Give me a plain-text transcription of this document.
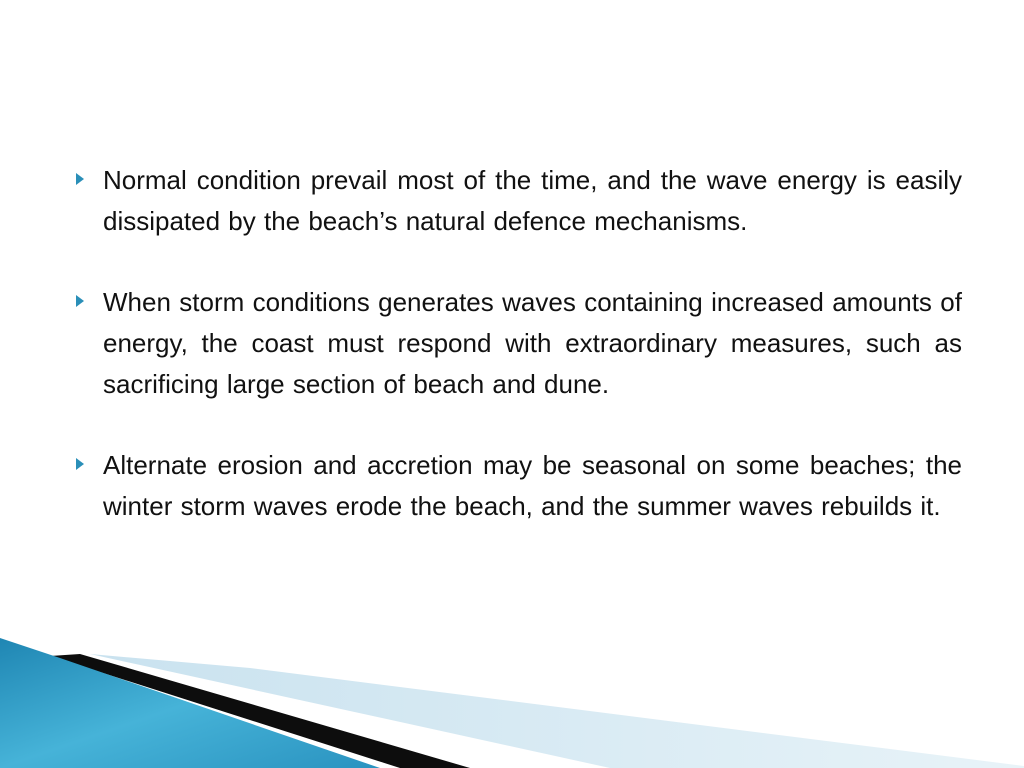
Normal condition prevail most of the time, and the wave energy is easily dissipated by the beach’s natural defence mechanisms.
When storm conditions generates waves containing increased amounts of energy, the coast must respond with extraordinary measures, such as sacrificing large section of beach and dune.
Alternate erosion and accretion may be seasonal on some beaches; the winter storm waves erode the beach, and the summer waves rebuilds it.
